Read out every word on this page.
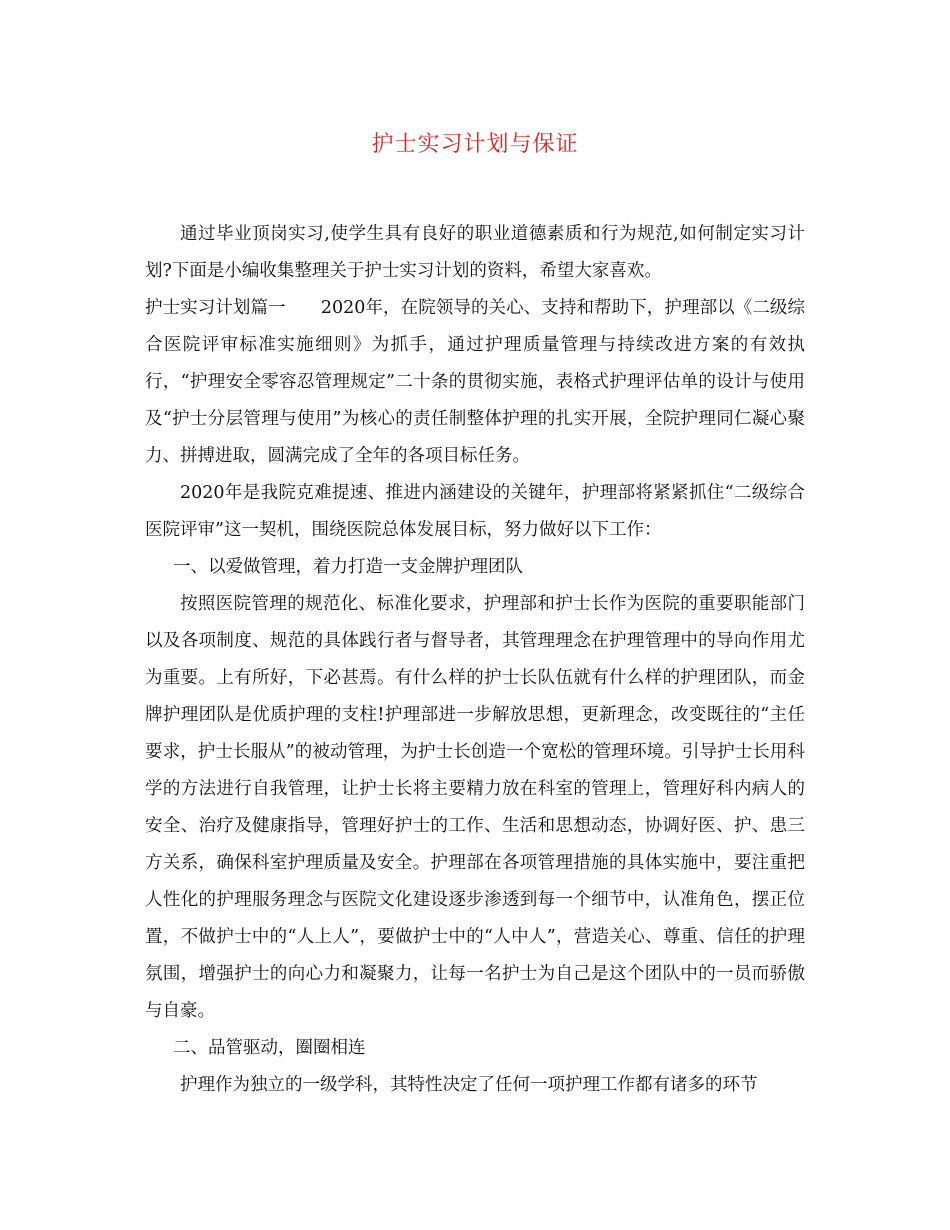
护士实习计划与保证

通过毕业顶岗实习,使学生具有良好的职业道德素质和行为规范,如何制定实习计划?下面是小编收集整理关于护士实习计划的资料，希望大家喜欢。

护士实习计划篇一　　2020年，在院领导的关心、支持和帮助下，护理部以《二级综合医院评审标准实施细则》为抓手，通过护理质量管理与持续改进方案的有效执行，“护理安全零容忍管理规定”二十条的贯彻实施，表格式护理评估单的设计与使用及“护士分层管理与使用”为核心的责任制整体护理的扎实开展，全院护理同仁凝心聚力、拼搏进取，圆满完成了全年的各项目标任务。

2020年是我院克难提速、推进内涵建设的关键年，护理部将紧紧抓住“二级综合医院评审”这一契机，围绕医院总体发展目标，努力做好以下工作：

一、以爱做管理，着力打造一支金牌护理团队

按照医院管理的规范化、标准化要求，护理部和护士长作为医院的重要职能部门以及各项制度、规范的具体践行者与督导者，其管理理念在护理管理中的导向作用尤为重要。上有所好，下必甚焉。有什么样的护士长队伍就有什么样的护理团队，而金牌护理团队是优质护理的支柱!护理部进一步解放思想，更新理念，改变既往的“主任要求，护士长服从”的被动管理，为护士长创造一个宽松的管理环境。引导护士长用科学的方法进行自我管理，让护士长将主要精力放在科室的管理上，管理好科内病人的安全、治疗及健康指导，管理好护士的工作、生活和思想动态，协调好医、护、患三方关系，确保科室护理质量及安全。护理部在各项管理措施的具体实施中，要注重把人性化的护理服务理念与医院文化建设逐步渗透到每一个细节中，认准角色，摆正位置，不做护士中的“人上人”，要做护士中的“人中人”，营造关心、尊重、信任的护理氛围，增强护士的向心力和凝聚力，让每一名护士为自己是这个团队中的一员而骄傲与自豪。

二、品管驱动，圈圈相连

护理作为独立的一级学科，其特性决定了任何一项护理工作都有诸多的环节
